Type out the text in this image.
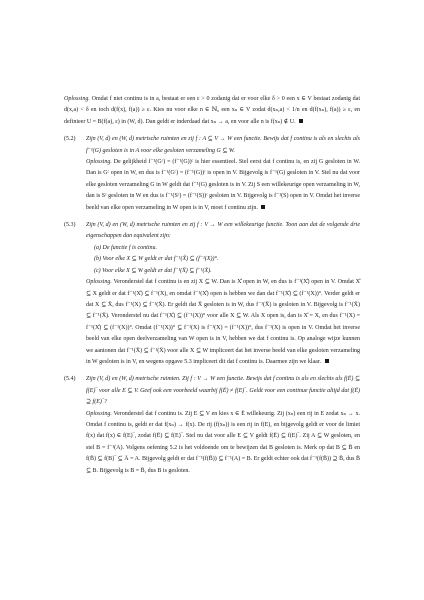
Oplossing. Omdat f niet continu is in a, bestaat er een ε > 0 zodanig dat er voor elke δ > 0 een x ∈ V bestaat zodanig dat d(x,a) < δ en toch d(f(x), f(a)) ≥ ε. Kies nu voor elke n ∈ ℕ₀ een xₙ ∈ V zodat d(xₙ,a) < 1/n en d(f(xₙ), f(a)) ≥ ε, en definieer U = B(f(a), ε) in (W, d). Dan geldt er inderdaad dat xₙ → a, en voor alle n is f(xₙ) ∉ U.

(5.2)	Zijn (V, d) en (W, d) metrische ruimten en zij f : A ⊆ V → W een functie. Bewijs dat f continu is als en slechts als f⁻¹(G) gesloten is in A voor elke gesloten verzameling G ⊆ W.

Oplossing. De gelijkheid f⁻¹(Gᶜ) = (f⁻¹(G))ᶜ is hier essentieel. Stel eerst dat f continu is, en zij G gesloten in W. Dan is Gᶜ open in W, en dus is f⁻¹(Gᶜ) = (f⁻¹(G))ᶜ is open in V. Bijgevolg is f⁻¹(G) gesloten in V. Stel nu dat voor elke gesloten verzameling G in W geldt dat f⁻¹(G) gesloten is in V. Zij S een willekeurige open verzameling in W, dan is Sᶜ gesloten in W en dus is f⁻¹(Sᶜ) = (f⁻¹(S))ᶜ gesloten in V. Bijgevolg is f⁻¹(S) open in V. Omdat het inverse beeld van elke open verzameling in W open is in V, moet f continu zijn.

(5.3)	Zijn (V, d) en (W, d) metrische ruimten en zij f : V → W een willekeurige functie. Toon aan dat de volgende drie eigenschappen dan equivalent zijn:
(a) De functie f is continu.
(b) Voor elke X ⊆ W geldt er dat f⁻¹(X̊) ⊆ (f⁻¹(X))°.
(c) Voor elke X ⊆ W geldt er dat f⁻¹(X̄) ⊆ f⁻¹(X̄).

Oplossing. Veronderstel dat f continu is en zij X ⊆ W. Dan is X̊ open in W, en dus is f⁻¹(X̊) open in V. Omdat X̊ ⊆ X geldt er dat f⁻¹(X̊) ⊆ f⁻¹(X), en omdat f⁻¹(X̊) open is hebben we dan dat f⁻¹(X̊) ⊆ (f⁻¹(X))°. Verder geldt er dat X ⊆ X̄, dus f⁻¹(X) ⊆ f⁻¹(X̄). Er geldt dat X̄ gesloten is in W, dus f⁻¹(X̄) is gesloten in V. Bijgevolg is f⁻¹(X̄) ⊆ f⁻¹(X̄). Veronderstel nu dat f⁻¹(X̊) ⊆ (f⁻¹(X))° voor alle X ⊆ W. Als X open is, dan is X̊ = X, en dus f⁻¹(X) = f⁻¹(X̊) ⊆ (f⁻¹(X))°. Omdat (f⁻¹(X))° ⊆ f⁻¹(X) is f⁻¹(X) = (f⁻¹(X))°, dus f⁻¹(X) is open in V. Omdat het inverse beeld van elke open deelverzameling van W open is in V, hebben we dat f continu is. Op analoge wijze kunnen we aantonen dat f⁻¹(X̄) ⊆ f⁻¹(X̄) voor alle X ⊆ W impliceert dat het inverse beeld van elke gesloten verzameling in W gesloten is in V, en wegens opgave 5.3 impliceert dit dat f continu is. Daarmee zijn we klaar.

(5.4)	Zijn (V, d) en (W, d) metrische ruimten. Zij f : V → W een functie. Bewijs dat f continu is als en slechts als f(Ē) ⊆ f(E)‾ voor alle E ⊆ V. Geef ook een voorbeeld waarbij f(Ē) ≠ f(E)‾. Geldt voor een continue functie altijd dat f(Ē) ⊇ f(E)‾?

Oplossing. Veronderstel dat f continu is. Zij E ⊆ V en kies x ∈ Ē willekeurig. Zij (xₙ) een rij in E zodat xₙ → x. Omdat f continu is, geldt er dat f(xₙ) → f(x). De rij (f(xₙ)) is een rij in f(E), en bijgevolg geldt er voor de limiet f(x) dat f(x) ∈ f(E)‾, zodat f(Ē) ⊆ f(E)‾. Stel nu dat voor alle E ⊆ V geldt f(Ē) ⊆ f(E)‾. Zij A ⊆ W gesloten, en stel B = f⁻¹(A). Volgens oefening 5.2 is het voldoende om te bewijzen dat B gesloten is. Merk op dat B ⊆ B̄ en f(B̄) ⊆ f(B)‾ ⊆ Ā = A. Bijgevolg geldt er dat f⁻¹(f(B̄)) ⊆ f⁻¹(A) = B. Er geldt echter ook dat f⁻¹(f(B̄)) ⊇ B̄, dus B̄ ⊆ B. Bijgevolg is B = B̄, dus B is gesloten.
